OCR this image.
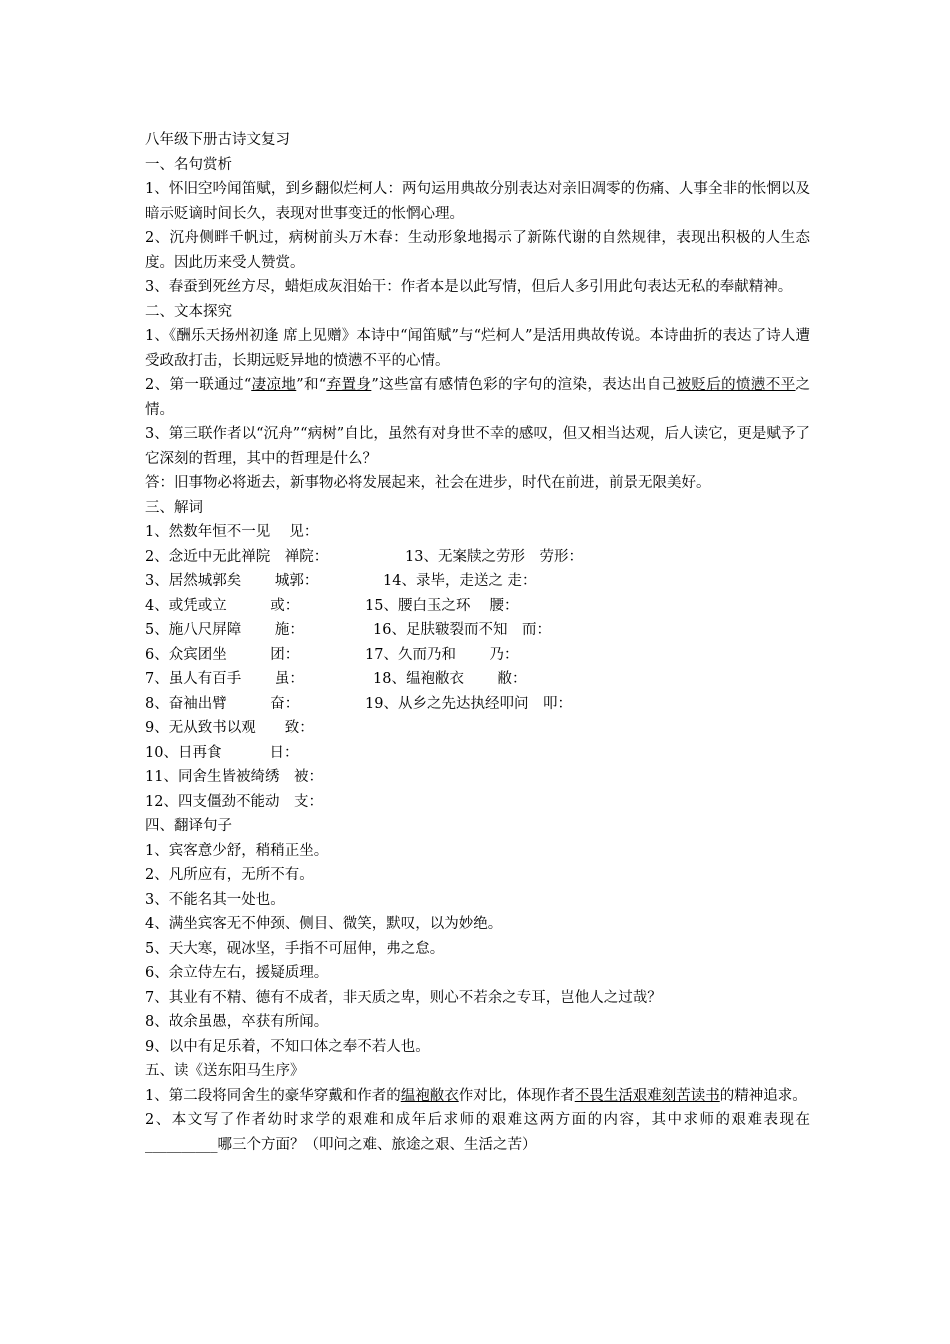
八年级下册古诗文复习
一、名句赏析
1、怀旧空吟闻笛赋，到乡翻似烂柯人：两句运用典故分别表达对亲旧凋零的伤痛、人事全非的怅惘以及暗示贬谪时间长久，表现对世事变迁的怅惘心理。
2、沉舟侧畔千帆过，病树前头万木春：生动形象地揭示了新陈代谢的自然规律，表现出积极的人生态度。因此历来受人赞赏。
3、春蚕到死丝方尽，蜡炬成灰泪始干：作者本是以此写情，但后人多引用此句表达无私的奉献精神。
二、文本探究
1、《酬乐天扬州初逢 席上见赠》本诗中“闻笛赋”与“烂柯人”是活用典故传说。本诗曲折的表达了诗人遭受政敌打击，长期远贬异地的愤懑不平的心情。
2、第一联通过“凄凉地”和“弃置身”这些富有感情色彩的字句的渲染，表达出自己被贬后的愤懑不平之情。
3、第三联作者以“沉舟”“病树”自比，虽然有对身世不幸的感叹，但又相当达观，后人读它，更是赋予了它深刻的哲理，其中的哲理是什么？
答：旧事物必将逝去，新事物必将发展起来，社会在进步，时代在前进，前景无限美好。
三、解词
1、然数年恒不一见　 见：
2、念近中无此禅院　禅院：	13、无案牍之劳形　劳形：
3、居然城郭矣　　 城郭：	14、录毕，走送之 走：
4、或凭或立　　　或：	15、腰白玉之环　 腰：
5、施八尺屏障　　 施：	16、足肤皲裂而不知　而：
6、众宾团坐　　　团：	17、久而乃和　　 乃：
7、虽人有百手　　 虽：	18、缊袍敝衣　　 敝：
8、奋袖出臂　　　奋：	19、从乡之先达执经叩问　叩：
9、无从致书以观　　致：
10、日再食　　　 日：
11、同舍生皆被绮绣　被：
12、四支僵劲不能动　支：
四、翻译句子
1、宾客意少舒，稍稍正坐。
2、凡所应有，无所不有。
3、不能名其一处也。
4、满坐宾客无不伸颈、侧目、微笑，默叹，以为妙绝。
5、天大寒，砚冰坚，手指不可屈伸，弗之怠。
6、余立侍左右，援疑质理。
7、其业有不精、德有不成者，非天质之卑，则心不若余之专耳，岂他人之过哉？
8、故余虽愚，卒获有所闻。
9、以中有足乐着，不知口体之奉不若人也。
五、读《送东阳马生序》
1、第二段将同舍生的豪华穿戴和作者的缊袍敝衣作对比，体现作者不畏生活艰难刻苦读书的精神追求。
2、本文写了作者幼时求学的艰难和成年后求师的艰难这两方面的内容，其中求师的艰难表现在__________哪三个方面？（叩问之难、旅途之艰、生活之苦）
